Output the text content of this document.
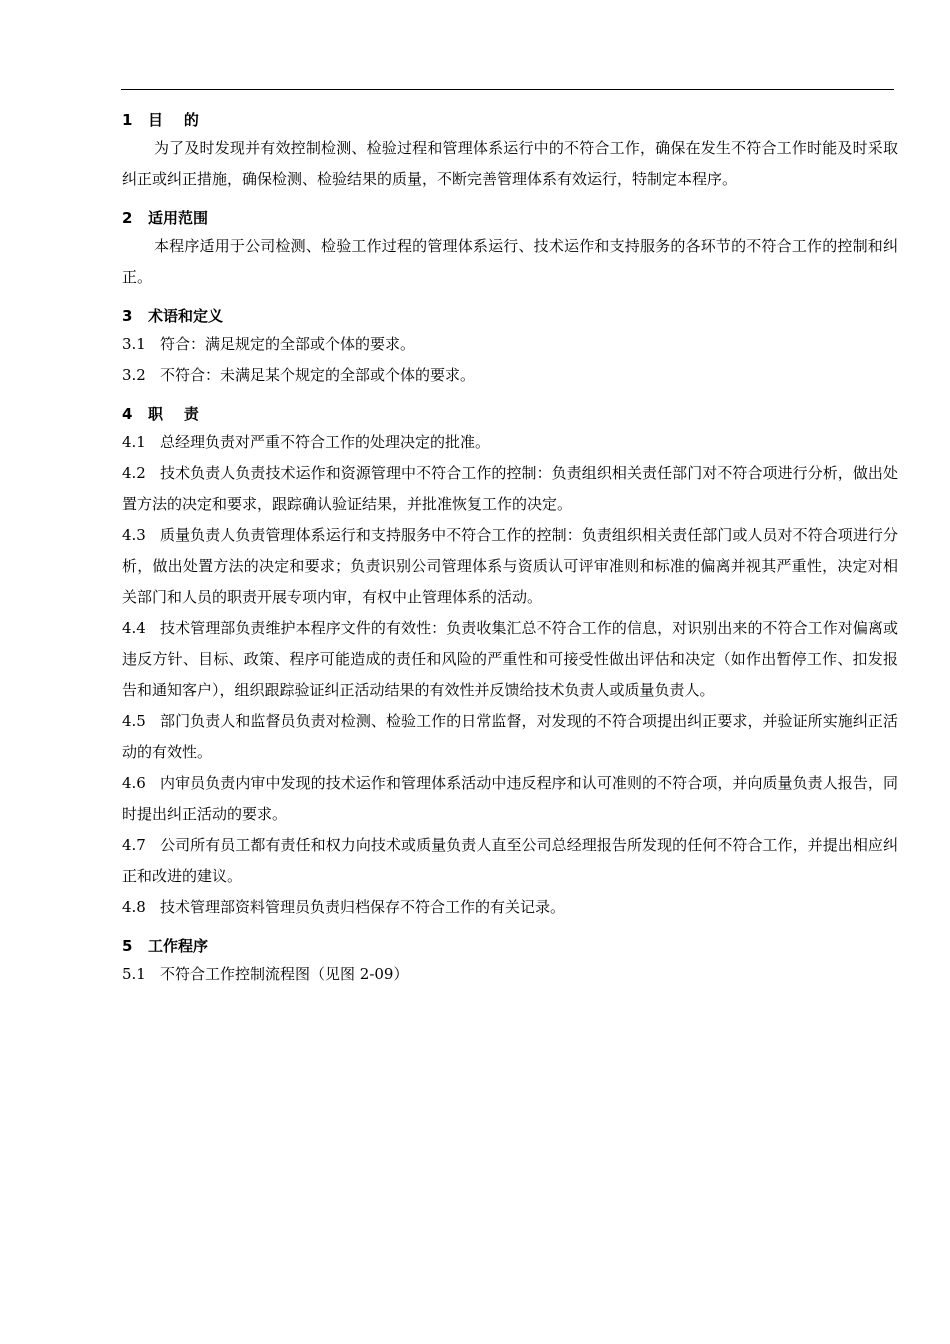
1 目    的

为了及时发现并有效控制检测、检验过程和管理体系运行中的不符合工作，确保在发生不符合工作时能及时采取纠正或纠正措施，确保检测、检验结果的质量，不断完善管理体系有效运行，特制定本程序。

2 适用范围

本程序适用于公司检测、检验工作过程的管理体系运行、技术运作和支持服务的各环节的不符合工作的控制和纠正。

3 术语和定义

3.1 符合：满足规定的全部或个体的要求。

3.2 不符合：未满足某个规定的全部或个体的要求。

4 职    责

4.1 总经理负责对严重不符合工作的处理决定的批准。

4.2 技术负责人负责技术运作和资源管理中不符合工作的控制：负责组织相关责任部门对不符合项进行分析，做出处置方法的决定和要求，跟踪确认验证结果，并批准恢复工作的决定。

4.3 质量负责人负责管理体系运行和支持服务中不符合工作的控制：负责组织相关责任部门或人员对不符合项进行分析，做出处置方法的决定和要求；负责识别公司管理体系与资质认可评审准则和标准的偏离并视其严重性，决定对相关部门和人员的职责开展专项内审，有权中止管理体系的活动。

4.4 技术管理部负责维护本程序文件的有效性：负责收集汇总不符合工作的信息，对识别出来的不符合工作对偏离或违反方针、目标、政策、程序可能造成的责任和风险的严重性和可接受性做出评估和决定（如作出暂停工作、扣发报告和通知客户），组织跟踪验证纠正活动结果的有效性并反馈给技术负责人或质量负责人。

4.5 部门负责人和监督员负责对检测、检验工作的日常监督，对发现的不符合项提出纠正要求，并验证所实施纠正活动的有效性。

4.6 内审员负责内审中发现的技术运作和管理体系活动中违反程序和认可准则的不符合项，并向质量负责人报告，同时提出纠正活动的要求。

4.7 公司所有员工都有责任和权力向技术或质量负责人直至公司总经理报告所发现的任何不符合工作，并提出相应纠正和改进的建议。

4.8 技术管理部资料管理员负责归档保存不符合工作的有关记录。

5 工作程序

5.1 不符合工作控制流程图（见图 2-09）
